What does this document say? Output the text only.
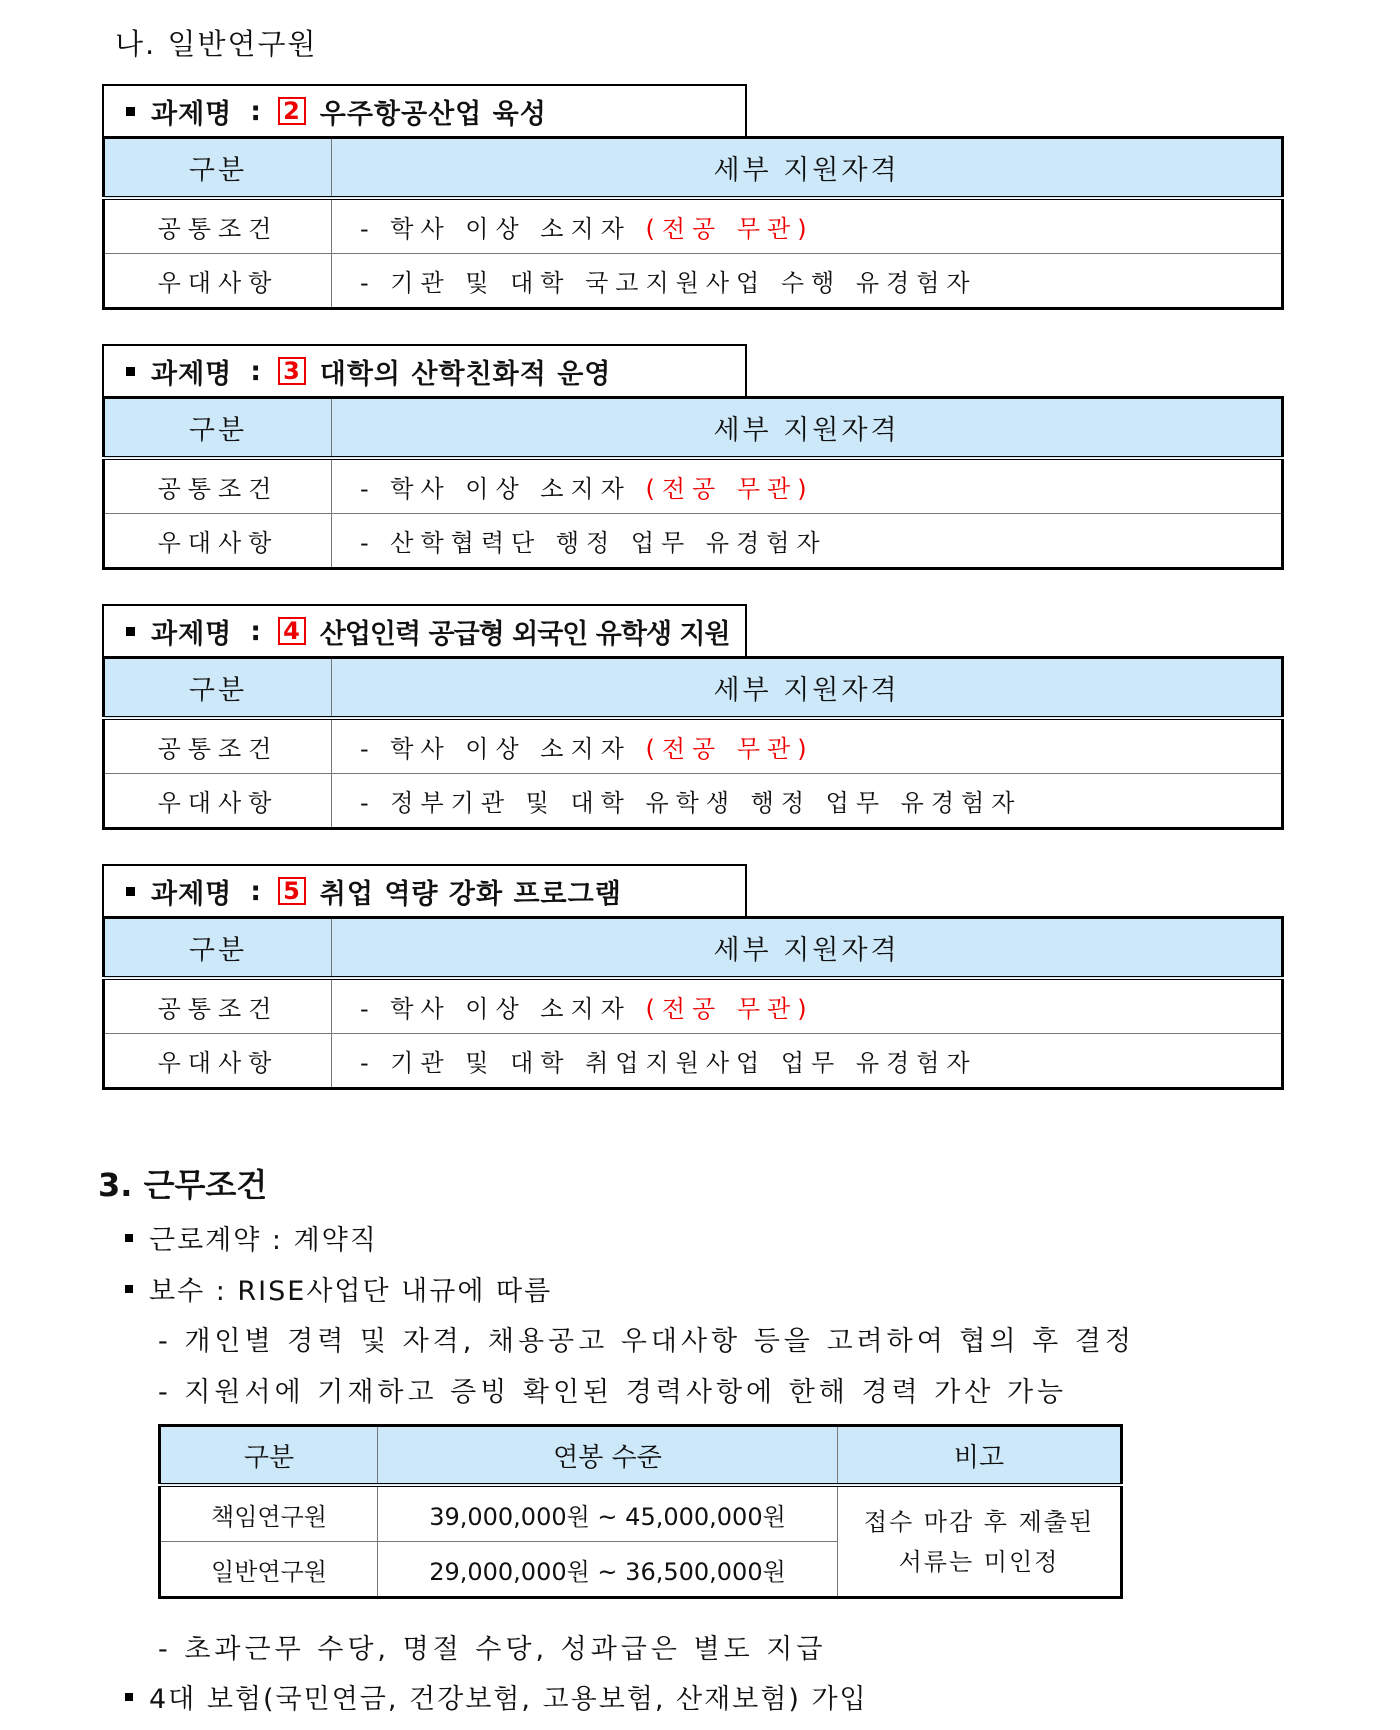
나. 일반연구원
과제명 : 2 우주항공산업 육성
구분	세부 지원자격
공통조건	- 학사 이상 소지자 (전공 무관)
우대사항	- 기관 및 대학 국고지원사업 수행 유경험자
과제명 : 3 대학의 산학친화적 운영
구분	세부 지원자격
공통조건	- 학사 이상 소지자 (전공 무관)
우대사항	- 산학협력단 행정 업무 유경험자
과제명 : 4 산업인력 공급형 외국인 유학생 지원
구분	세부 지원자격
공통조건	- 학사 이상 소지자 (전공 무관)
우대사항	- 정부기관 및 대학 유학생 행정 업무 유경험자
과제명 : 5 취업 역량 강화 프로그램
구분	세부 지원자격
공통조건	- 학사 이상 소지자 (전공 무관)
우대사항	- 기관 및 대학 취업지원사업 업무 유경험자
3. 근무조건
근로계약 : 계약직
보수 : RISE사업단 내규에 따름
- 개인별 경력 및 자격, 채용공고 우대사항 등을 고려하여 협의 후 결정
- 지원서에 기재하고 증빙 확인된 경력사항에 한해 경력 가산 가능
구분	연봉 수준	비고
책임연구원	39,000,000원 ~ 45,000,000원	접수 마감 후 제출된
서류는 미인정

일반연구원	29,000,000원 ~ 36,500,000원	
- 초과근무 수당, 명절 수당, 성과급은 별도 지급
4대 보험(국민연금, 건강보험, 고용보험, 산재보험) 가입
